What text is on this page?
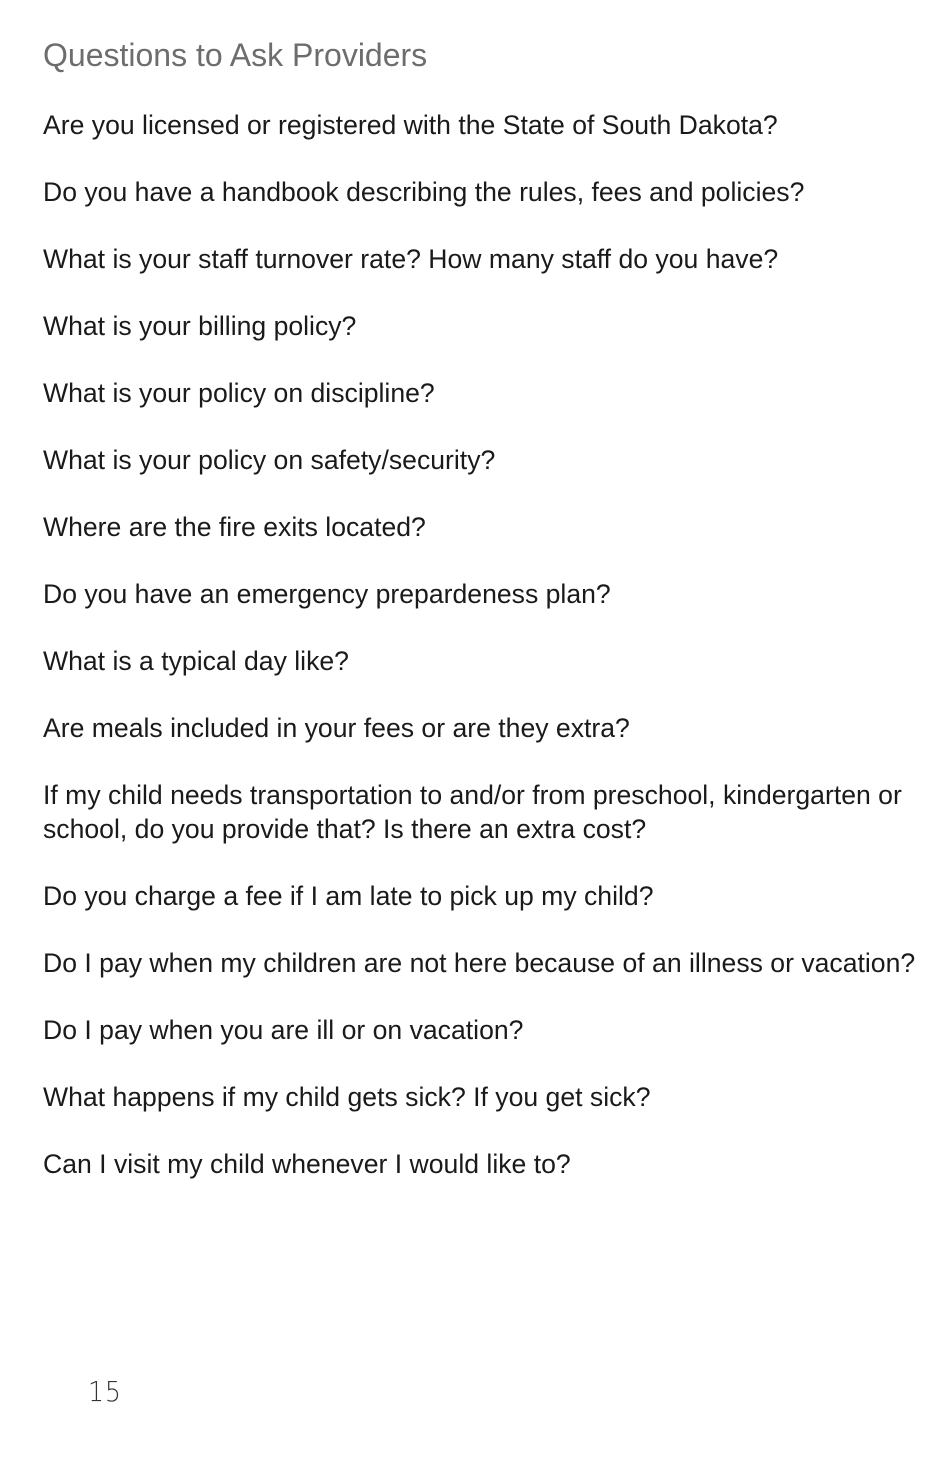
Questions to Ask Providers
Are you licensed or registered with the State of South Dakota?
Do you have a handbook describing the rules, fees and policies?
What is your staff turnover rate? How many staff do you have?
What is your billing policy?
What is your policy on discipline?
What is your policy on safety/security?
Where are the fire exits located?
Do you have an emergency prepardeness plan?
What is a typical day like?
Are meals included in your fees or are they extra?
If my child needs transportation to and/or from preschool, kindergarten or school, do you provide that? Is there an extra cost?
Do you charge a fee if I am late to pick up my child?
Do I pay when my children are not here because of an illness or vacation?
Do I pay when you are ill or on vacation?
What happens if my child gets sick? If you get sick?
Can I visit my child whenever I would like to?
15
